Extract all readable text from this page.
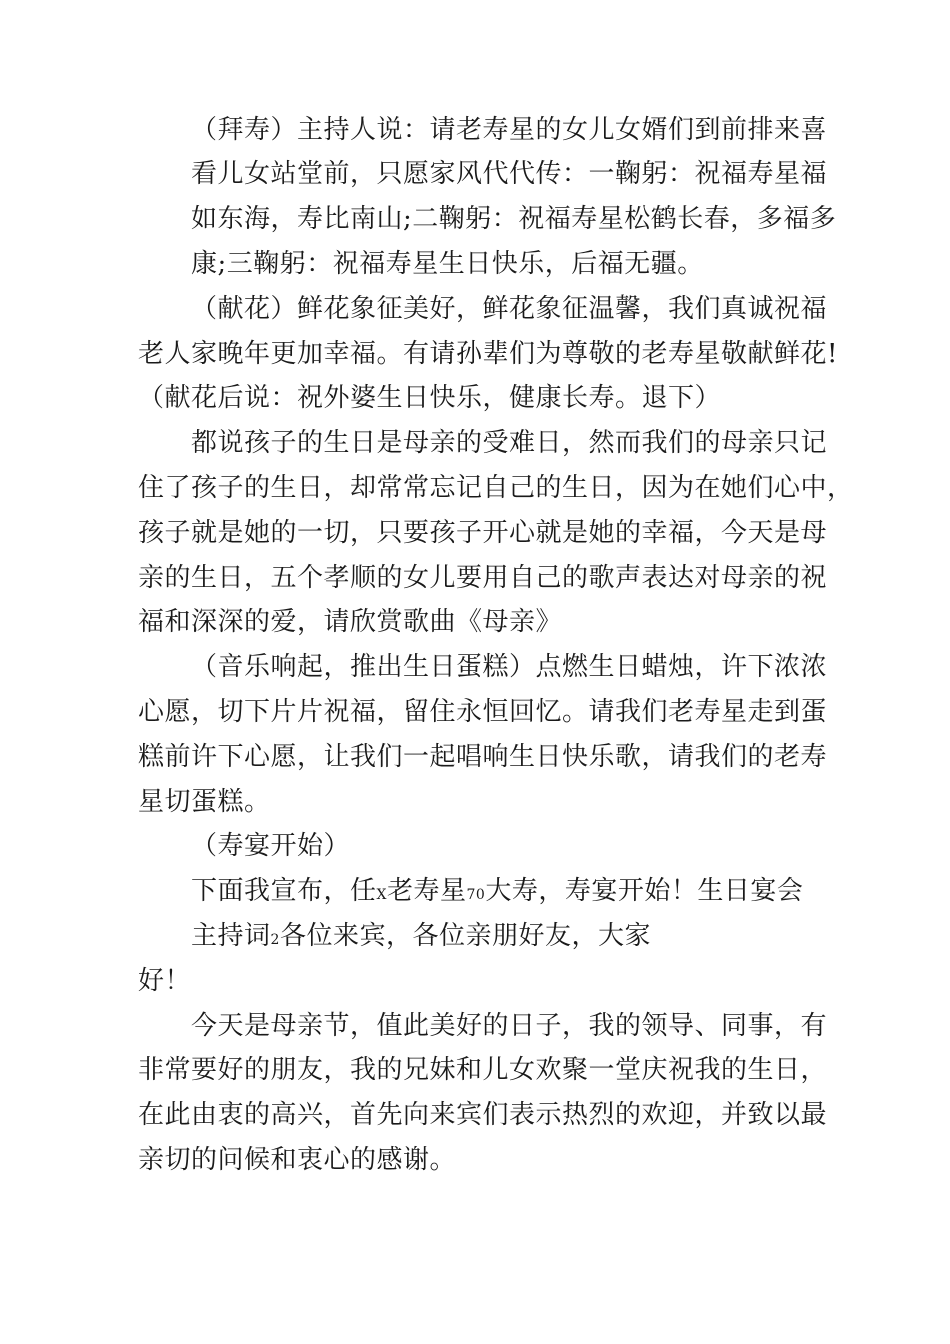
（拜寿）主持人说：请老寿星的女儿女婿们到前排来喜
看儿女站堂前，只愿家风代代传：一鞠躬：祝福寿星福
如东海，寿比南山;二鞠躬：祝福寿星松鹤长春，多福多
康;三鞠躬：祝福寿星生日快乐，后福无疆。
（献花）鲜花象征美好，鲜花象征温馨，我们真诚祝福
老人家晚年更加幸福。有请孙辈们为尊敬的老寿星敬献鲜花!
（献花后说：祝外婆生日快乐，健康长寿。退下）
都说孩子的生日是母亲的受难日，然而我们的母亲只记
住了孩子的生日，却常常忘记自己的生日，因为在她们心中，
孩子就是她的一切，只要孩子开心就是她的幸福，今天是母
亲的生日，五个孝顺的女儿要用自己的歌声表达对母亲的祝
福和深深的爱，请欣赏歌曲《母亲》
（音乐响起，推出生日蛋糕）点燃生日蜡烛，许下浓浓
心愿，切下片片祝福，留住永恒回忆。请我们老寿星走到蛋
糕前许下心愿，让我们一起唱响生日快乐歌，请我们的老寿
星切蛋糕。
（寿宴开始）
下面我宣布，任X老寿星70大寿，寿宴开始！生日宴会
主持词2各位来宾，各位亲朋好友，大家
好！
今天是母亲节，值此美好的日子，我的领导、同事，有
非常要好的朋友，我的兄妹和儿女欢聚一堂庆祝我的生日，
在此由衷的高兴，首先向来宾们表示热烈的欢迎，并致以最
亲切的问候和衷心的感谢。
